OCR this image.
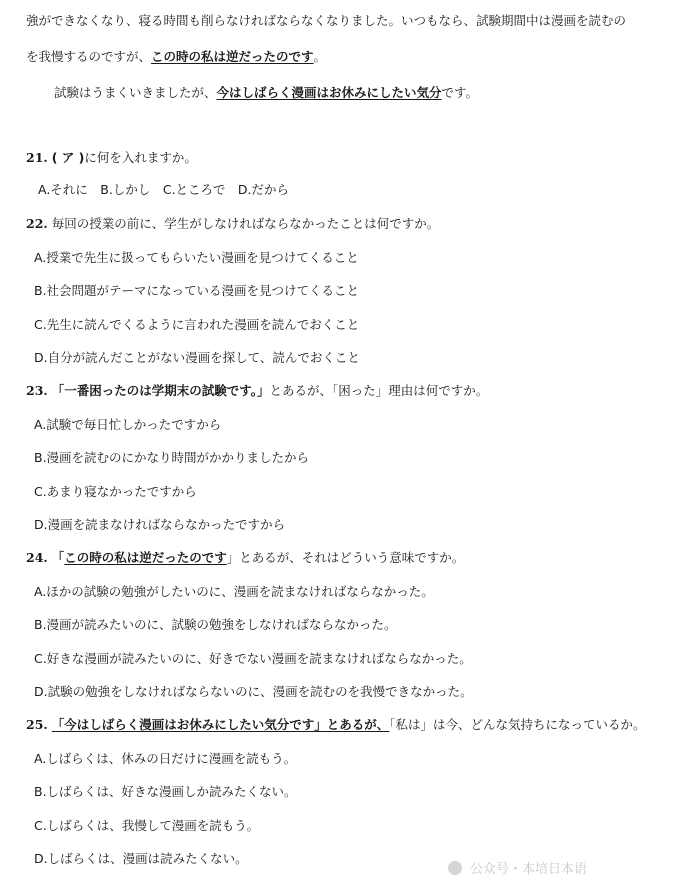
強ができなくなり、寝る時間も削らなければならなくなりました。いつもなら、試験期間中は漫画を読むの
を我慢するのですが、この時の私は逆だったのです。
試験はうまくいきましたが、今はしばらく漫画はお休みにしたい気分です。
21. ( ア )に何を入れますか。
A.それに　B.しかし　C.ところで　D.だから
22. 毎回の授業の前に、学生がしなければならなかったことは何ですか。
A.授業で先生に扱ってもらいたい漫画を見つけてくること
B.社会問題がテーマになっている漫画を見つけてくること
C.先生に読んでくるように言われた漫画を読んでおくこと
D.自分が読んだことがない漫画を探して、読んでおくこと
23. 「一番困ったのは学期末の試験です。」とあるが、「困った」理由は何ですか。
A.試験で毎日忙しかったですから
B.漫画を読むのにかなり時間がかかりましたから
C.あまり寝なかったですから
D.漫画を読まなければならなかったですから
24. 「この時の私は逆だったのです」とあるが、それはどういう意味ですか。
A.ほかの試験の勉強がしたいのに、漫画を読まなければならなかった。
B.漫画が読みたいのに、試験の勉強をしなければならなかった。
C.好きな漫画が読みたいのに、好きでない漫画を読まなければならなかった。
D.試験の勉強をしなければならないのに、漫画を読むのを我慢できなかった。
25. 「今はしばらく漫画はお休みにしたい気分です」とあるが、「私は」は今、どんな気持ちになっているか。
A.しばらくは、休みの日だけに漫画を読もう。
B.しばらくは、好きな漫画しか読みたくない。
C.しばらくは、我慢して漫画を読もう。
D.しばらくは、漫画は読みたくない。
公众号・本培日本语
